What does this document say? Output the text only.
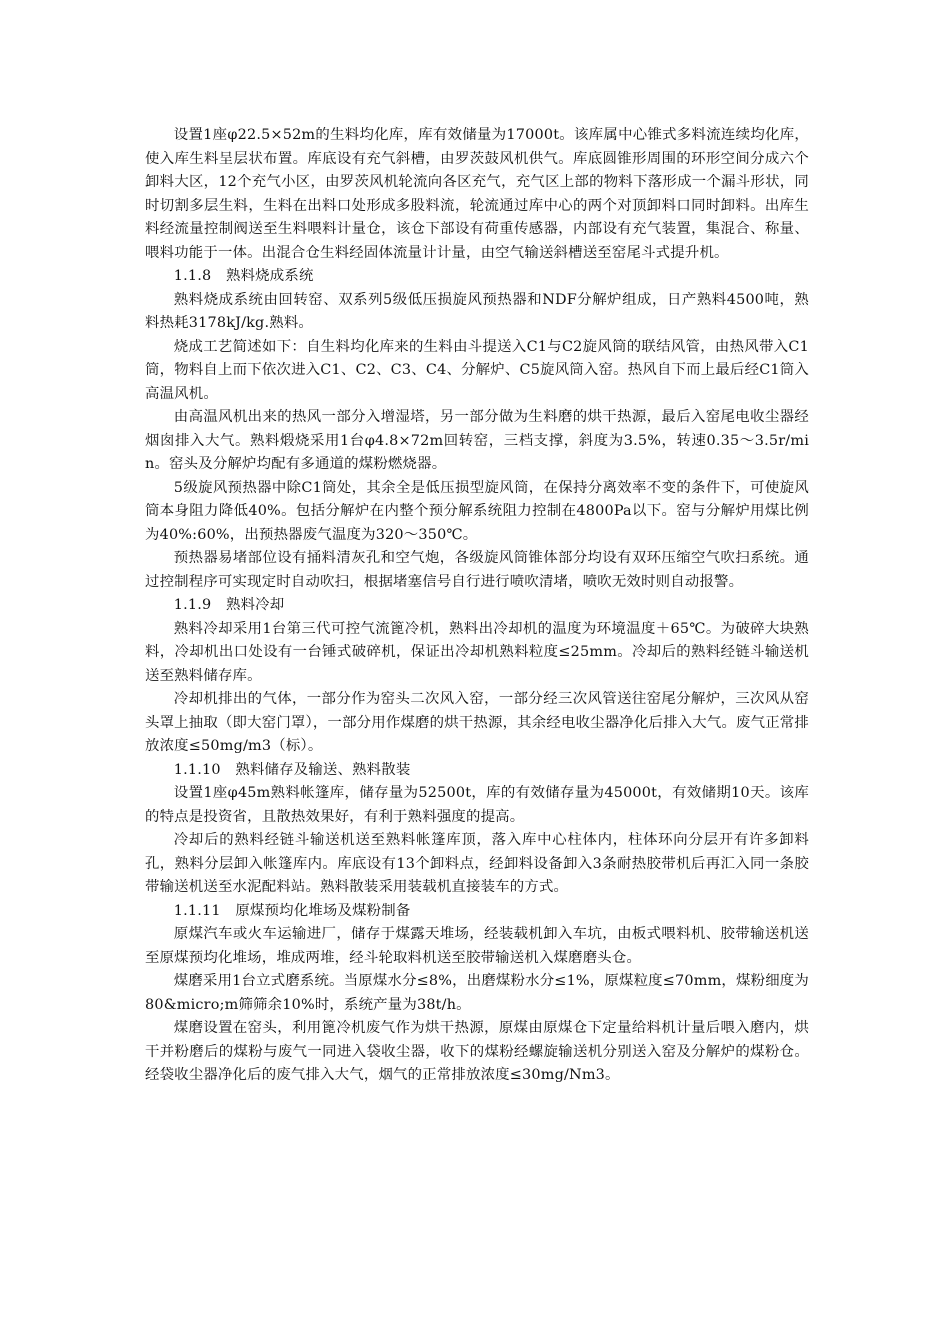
设置1座φ22.5×52m的生料均化库，库有效储量为17000t。该库属中心锥式多料流连续均化库，使入库生料呈层状布置。库底设有充气斜槽，由罗茨鼓风机供气。库底圆锥形周围的环形空间分成六个卸料大区，12个充气小区，由罗茨风机轮流向各区充气，充气区上部的物料下落形成一个漏斗形状，同时切割多层生料，生料在出料口处形成多股料流，轮流通过库中心的两个对顶卸料口同时卸料。出库生料经流量控制阀送至生料喂料计量仓，该仓下部设有荷重传感器，内部设有充气装置，集混合、称量、喂料功能于一体。出混合仓生料经固体流量计计量，由空气输送斜槽送至窑尾斗式提升机。

1.1.8　熟料烧成系统

熟料烧成系统由回转窑、双系列5级低压损旋风预热器和NDF分解炉组成，日产熟料4500吨，熟料热耗3178kJ/kg.熟料。

烧成工艺简述如下：自生料均化库来的生料由斗提送入C1与C2旋风筒的联结风管，由热风带入C1筒，物料自上而下依次进入C1、C2、C3、C4、分解炉、C5旋风筒入窑。热风自下而上最后经C1筒入高温风机。

由高温风机出来的热风一部分入增湿塔，另一部分做为生料磨的烘干热源，最后入窑尾电收尘器经烟囱排入大气。熟料煅烧采用1台φ4.8×72m回转窑，三档支撑，斜度为3.5%，转速0.35～3.5r/min。窑头及分解炉均配有多通道的煤粉燃烧器。

5级旋风预热器中除C1筒处，其余全是低压损型旋风筒，在保持分离效率不变的条件下，可使旋风筒本身阻力降低40%。包括分解炉在内整个预分解系统阻力控制在4800Pa以下。窑与分解炉用煤比例为40%:60%，出预热器废气温度为320～350℃。

预热器易堵部位设有捅料清灰孔和空气炮，各级旋风筒锥体部分均设有双环压缩空气吹扫系统。通过控制程序可实现定时自动吹扫，根据堵塞信号自行进行喷吹清堵，喷吹无效时则自动报警。

1.1.9　熟料冷却

熟料冷却采用1台第三代可控气流篦冷机，熟料出冷却机的温度为环境温度＋65℃。为破碎大块熟料，冷却机出口处设有一台锤式破碎机，保证出冷却机熟料粒度≤25mm。冷却后的熟料经链斗输送机送至熟料储存库。

冷却机排出的气体，一部分作为窑头二次风入窑，一部分经三次风管送往窑尾分解炉，三次风从窑头罩上抽取（即大窑门罩），一部分用作煤磨的烘干热源，其余经电收尘器净化后排入大气。废气正常排放浓度≤50mg/m3（标）。

1.1.10　熟料储存及输送、熟料散装

设置1座φ45m熟料帐篷库，储存量为52500t，库的有效储存量为45000t，有效储期10天。该库的特点是投资省，且散热效果好，有利于熟料强度的提高。

冷却后的熟料经链斗输送机送至熟料帐篷库顶，落入库中心柱体内，柱体环向分层开有许多卸料孔，熟料分层卸入帐篷库内。库底设有13个卸料点，经卸料设备卸入3条耐热胶带机后再汇入同一条胶带输送机送至水泥配料站。熟料散装采用装载机直接装车的方式。

1.1.11　原煤预均化堆场及煤粉制备

原煤汽车或火车运输进厂，储存于煤露天堆场，经装载机卸入车坑，由板式喂料机、胶带输送机送至原煤预均化堆场，堆成两堆，经斗轮取料机送至胶带输送机入煤磨磨头仓。

煤磨采用1台立式磨系统。当原煤水分≤8%，出磨煤粉水分≤1%，原煤粒度≤70mm，煤粉细度为80&micro;m筛筛余10%时，系统产量为38t/h。

煤磨设置在窑头，利用篦冷机废气作为烘干热源，原煤由原煤仓下定量给料机计量后喂入磨内，烘干并粉磨后的煤粉与废气一同进入袋收尘器，收下的煤粉经螺旋输送机分别送入窑及分解炉的煤粉仓。经袋收尘器净化后的废气排入大气，烟气的正常排放浓度≤30mg/Nm3。
